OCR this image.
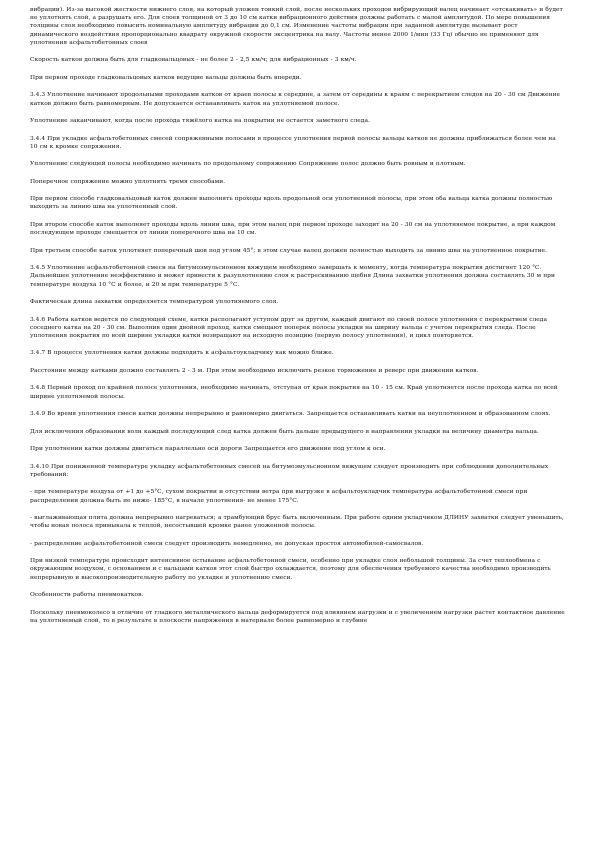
вибрации). Из-за высокой жесткости нижнего слоя, на который уложен тонкий слой, после нескольких проходов вибрирующий валец начинает «отскакивать» и будет не уплотнять слой, а разрушать его. Для слоев толщиной от 3 до 10 см катки вибрационного действия должны работать с малой амплитудой. По мере повышения толщины слоя необходимо повысить номинальную амплитуду вибрации до 0,1 см. Изменение частоты вибрации при заданной амплитуде вызывает рост динамического воздействия пропорционально квадрату окружной скорости эксцентрика на валу. Частоты менее 2000 1/мин (33 Гц) обычно не применяют для уплотнения асфальтобетонных слоев

Скорость катков должна быть для гладковальцовых - не более 2 - 2,5 км/ч; для вибрационных - 3 км/ч.

При первом проходе гладковальцовых катков ведущие вальцы должны быть впереди.

3.4.3 Уплотнение начинают продольными проходами катков от краев полосы к середине, а затем от середины к краям с перекрытием следов на 20 - 30 см Движение катков должно быть равномерным. Не допускается останавливать каток на уплотняемой полосе.

Уплотнение заканчивают, когда после прохода тяжёлого катка на покрытии не остается заметного следа.

3.4.4 При укладке асфальтобетонных смесей сопряженными полосами в процессе уплотнения первой полосы вальцы катков не должны приближаться более чем на 10 см к кромке сопряжения.

Уплотнение следующей полосы необходимо начинать по продольному сопряжению Сопряжение полос должно быть ровным и плотным.

Поперечное сопряжение можно уплотнять тремя способами.

При первом способе гладковальцовый каток должен выполнять проходы вдоль продольной оси уплотненной полосы, при этом оба вальца катка должны полностью выходить за линию шва на уплотненный слой.

При втором способе каток выполняет проходы вдоль линии шва, при этом валец при первом проходе заходит на 20 - 30 см на уплотняемое покрытие, а при каждом последующем проходе смещается от линии поперечного шва на 10 см.

При третьем способе каток уплотняет поперечный шов под углом 45°; в этом случае валец должен полностью выходить за линию шва на уплотненное покрытие.

3.4.5 Уплотнение асфальтобетонной смеси на битумоэмульсионном вяжущем необходимо завершать к моменту, когда температура покрытия достигнет 120 °С. Дальнейшее уплотнение неэффективно и может привести к разуплотнению слоя к растрескиванию щебня Длина захватки уплотнения должна составлять 30 м при температуре воздуха 10 °С и более, и 20 м при температуре 5 °С.

Фактическая длина захватки определяется температурой уплотняемого слоя.

3.4.6 Работа катков ведется по следующей схеме, катки располагают уступом друг за другом, каждый двигают по своей полосе уплотнения с перекрытием следа соседнего катка на 20 - 30 см. Выполнив один двойной проход, катки смещают поперек полосы укладки на ширину вальца с учетом перекрытия следа. После уплотнения покрытия по всей ширине укладки катки возвращают на исходную позицию (первую полосу уплотнения), и цикл повторяется.

3.4.7 В процессе уплотнения катки должны подходить к асфальтоукладчику как можно ближе.

Расстояние между катками должно составлять 2 - 3 м. При этом необходимо исключить резкое торможение и реверс при движении катков.

3.4.8 Первый проход по крайней полосе уплотнения, необходимо начинать, отступая от края покрытия на 10 - 15 см. Край уплотняется после прохода катка по всей ширине уплотняемой полосы.

3.4.9 Во время уплотнения смеси катки должны непрерывно и равномерно двигаться. Запрещается останавливать катки на неуплотненном и образованном слоях.

Для исключения образования волн каждый последующий след катка должен быть дальше предыдущего в направлении укладки на величину диаметра вальца.

При уплотнении катки должны двигаться параллельно оси дороги Запрещается его движение под углом к оси.

3.4.10 При пониженной температуре укладку асфальтобетонных смесей на битумоэмульсионном вяжущем следует производить при соблюдении дополнительных требований:

- при температуре воздуха от +1 до +5°С, сухом покрытии и отсутствии ветра при выгрузке в асфальтоукладчик температура асфальтобетонной смеси при распределении должна быть не ниже- 185°С, в начале уплотнения- не менее 175°С.

- выглаживающая плита должна непрерывно нагреваться; а трамбующий брус быть включенным. При работе одним укладчиком ДЛИНУ захватки следует уменьшить, чтобы новая полоса примыкала к теплой, несостывшей кромке ранее уложенной полосы.

- распределение асфальтобетонной смеси следует производить немедленно, не допуская простоя автомобилей-самосвалов.

При низкой температуре происходит интенсивное остывание асфальтобетонной смеси, особенно при укладке слоя небольшой толщины. За счет теплообмена с окружающим воздухом, с основанием и с вальцами катков этот слой быстро охлаждается, поэтому для обеспечения требуемого качества необходимо производить непрерывную и высокопроизводительную работу по укладке и уплотнению смеси.

Особенности работы пневмокатков.

Поскольку пневмоколесо в отличие от гладкого металлического вальца деформируется под влиянием нагрузки и с увеличением нагрузки растет контактное давление на уплотняемый слой, то в результате в плоскости напряжения в материале более равномерно и глубине
